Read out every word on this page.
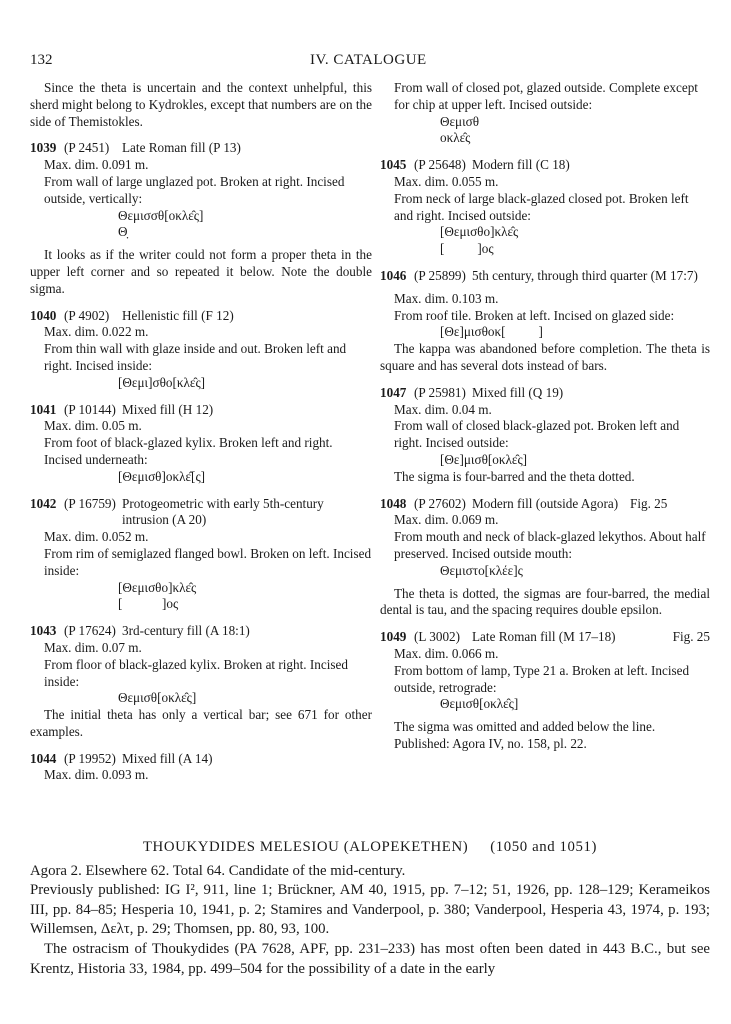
132	IV. CATALOGUE

Since the theta is uncertain and the context unhelpful, this sherd might belong to Kydrokles, except that numbers are on the side of Themistokles.

1039 (P 2451) Late Roman fill (P 13)

Max. dim. 0.091 m.

From wall of large unglazed pot. Broken at right. Incised outside, vertically:

Θεμισσθ[οκλε̂ς]

Θ̣

It looks as if the writer could not form a proper theta in the upper left corner and so repeated it below. Note the double sigma.

1040 (P 4902) Hellenistic fill (F 12)

Max. dim. 0.022 m.

From thin wall with glaze inside and out. Broken left and right. Incised inside:

[Θεμι]σθο[κλε̂ς]

1041 (P 10144) Mixed fill (H 12)

Max. dim. 0.05 m.

From foot of black-glazed kylix. Broken left and right. Incised underneath:

[Θεμισθ]οκλε̂[ς]

1042 (P 16759) Protogeometric with early 5th-century intrusion (A 20)

Max. dim. 0.052 m.

From rim of semiglazed flanged bowl. Broken on left. Incised inside:

[Θεμισθο]κλε̂ς

[            ]ος

1043 (P 17624) 3rd-century fill (A 18:1)

Max. dim. 0.07 m.

From floor of black-glazed kylix. Broken at right. Incised inside:

Θεμισθ[οκλε̂ς]

The initial theta has only a vertical bar; see 671 for other examples.

1044 (P 19952) Mixed fill (A 14)

Max. dim. 0.093 m.

From wall of closed pot, glazed outside. Complete except for chip at upper left. Incised outside:

Θεμισθ

οκλε̂ς

1045 (P 25648) Modern fill (C 18)

Max. dim. 0.055 m.

From neck of large black-glazed closed pot. Broken left and right. Incised outside:

[Θεμισθο]κλε̂ς

[          ]ος

1046 (P 25899) 5th century, through third quarter (M 17:7)

Max. dim. 0.103 m.

From roof tile. Broken at left. Incised on glazed side:

[Θε]μισθοκ[          ]

The kappa was abandoned before completion. The theta is square and has several dots instead of bars.

1047 (P 25981) Mixed fill (Q 19)

Max. dim. 0.04 m.

From wall of closed black-glazed pot. Broken left and right. Incised outside:

[Θε]μισθ[οκλε̂ς]

The sigma is four-barred and the theta dotted.

1048 (P 27602) Modern fill (outside Agora) Fig. 25

Max. dim. 0.069 m.

From mouth and neck of black-glazed lekythos. About half preserved. Incised outside mouth:

Θεμιστο[κλέε]ς

The theta is dotted, the sigmas are four-barred, the medial dental is tau, and the spacing requires double epsilon.

1049 (L 3002) Late Roman fill (M 17–18)	Fig. 25

Max. dim. 0.066 m.

From bottom of lamp, Type 21 a. Broken at left. Incised outside, retrograde:

Θεμισθ[οκλε̂ς]

The sigma was omitted and added below the line.

Published: Agora IV, no. 158, pl. 22.

THOUKYDIDES MELESIOU (ALOPEKETHEN) (1050 and 1051)

Agora 2. Elsewhere 62. Total 64. Candidate of the mid-century.

Previously published: IG I², 911, line 1; Brückner, AM 40, 1915, pp. 7–12; 51, 1926, pp. 128–129; Kerameikos III, pp. 84–85; Hesperia 10, 1941, p. 2; Stamires and Vanderpool, p. 380; Vanderpool, Hesperia 43, 1974, p. 193; Willemsen, Δελτ, p. 29; Thomsen, pp. 80, 93, 100.

The ostracism of Thoukydides (PA 7628, APF, pp. 231–233) has most often been dated in 443 B.C., but see Krentz, Historia 33, 1984, pp. 499–504 for the possibility of a date in the early
